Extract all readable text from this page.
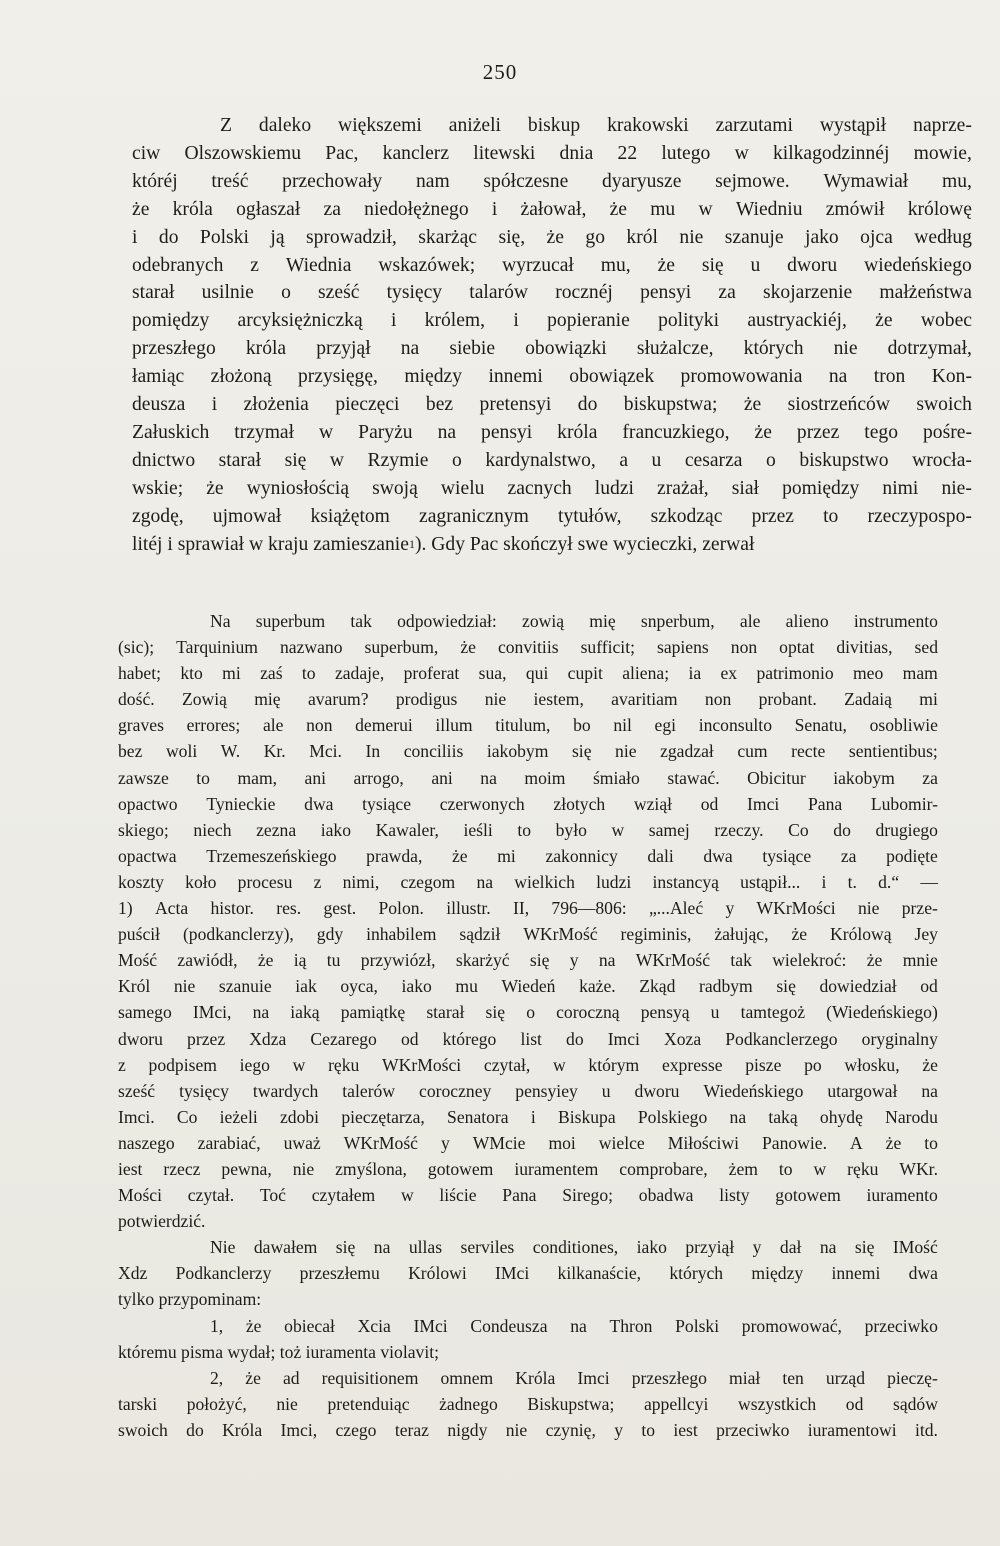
250
Z daleko większemi aniżeli biskup krakowski zarzutami wystąpił naprze-
ciw Olszowskiemu Pac, kanclerz litewski dnia 22 lutego w kilkagodzinnéj mowie,
któréj treść przechowały nam spółczesne dyaryusze sejmowe. Wymawiał mu,
że króla ogłaszał za niedołężnego i żałował, że mu w Wiedniu zmówił królowę
i do Polski ją sprowadził, skarżąc się, że go król nie szanuje jako ojca według
odebranych z Wiednia wskazówek; wyrzucał mu, że się u dworu wiedeńskiego
starał usilnie o sześć tysięcy talarów rocznéj pensyi za skojarzenie małżeństwa
pomiędzy arcyksiężniczką i królem, i popieranie polityki austryackiéj, że wobec
przeszłego króla przyjął na siebie obowiązki służalcze, których nie dotrzymał,
łamiąc złożoną przysięgę, między innemi obowiązek promowowania na tron Kon-
deusza i złożenia pieczęci bez pretensyi do biskupstwa; że siostrzeńców swoich
Załuskich trzymał w Paryżu na pensyi króla francuzkiego, że przez tego pośre-
dnictwo starał się w Rzymie o kardynalstwo, a u cesarza o biskupstwo wrocła-
wskie; że wyniosłością swoją wielu zacnych ludzi zrażał, siał pomiędzy nimi nie-
zgodę, ujmował książętom zagranicznym tytułów, szkodząc przez to rzeczypospo-
litéj i sprawiał w kraju zamieszanie 1 ). Gdy Pac skończył swe wycieczki, zerwał
Na superbum tak odpowiedział: zowią mię snperbum, ale alieno instrumento
(sic); Tarquinium nazwano superbum, że convitiis sufficit; sapiens non optat divitias, sed
habet; kto mi zaś to zadaje, proferat sua, qui cupit aliena; ia ex patrimonio meo mam
dość. Zowią mię avarum? prodigus nie iestem, avaritiam non probant. Zadaią mi
graves errores; ale non demerui illum titulum, bo nil egi inconsulto Senatu, osobliwie
bez woli W. Kr. Mci. In conciliis iakobym się nie zgadzał cum recte sentientibus;
zawsze to mam, ani arrogo, ani na moim śmiało stawać. Obicitur iakobym za
opactwo Tynieckie dwa tysiące czerwonych złotych wziął od Imci Pana Lubomir-
skiego; niech zezna iako Kawaler, ieśli to było w samej rzeczy. Co do drugiego
opactwa Trzemeszeńskiego prawda, że mi zakonnicy dali dwa tysiące za podięte
koszty koło procesu z nimi, czegom na wielkich ludzi instancyą ustąpił... i t. d.“ —
1) Acta histor. res. gest. Polon. illustr. II, 796—806: „...Aleć y WKrMości nie prze-
puścił (podkanclerzy), gdy inhabilem sądził WKrMość regiminis, żałując, że Królową Jey
Mość zawiódł, że ią tu przywiózł, skarżyć się y na WKrMość tak wielekroć: że mnie
Król nie szanuie iak oyca, iako mu Wiedeń każe. Zkąd radbym się dowiedział od
samego IMci, na iaką pamiątkę starał się o coroczną pensyą u tamtegoż (Wiedeńskiego)
dworu przez Xdza Cezarego od którego list do Imci Xoza Podkanclerzego oryginalny
z podpisem iego w ręku WKrMości czytał, w którym expresse pisze po włosku, że
sześć tysięcy twardych talerów coroczney pensyiey u dworu Wiedeńskiego utargował na
Imci. Co ieżeli zdobi pieczętarza, Senatora i Biskupa Polskiego na taką ohydę Narodu
naszego zarabiać, uważ WKrMość y WMcie moi wielce Miłościwi Panowie. A że to
iest rzecz pewna, nie zmyślona, gotowem iuramentem comprobare, żem to w ręku WKr.
Mości czytał. Toć czytałem w liście Pana Sirego; obadwa listy gotowem iuramento
potwierdzić.
Nie dawałem się na ullas serviles conditiones, iako przyiął y dał na się IMość
Xdz Podkanclerzy przeszłemu Królowi IMci kilkanaście, których między innemi dwa
tylko przypominam:
1, że obiecał Xcia IMci Condeusza na Thron Polski promowować, przeciwko
któremu pisma wydał; toż iuramenta violavit;
2, że ad requisitionem omnem Króla Imci przeszłego miał ten urząd pieczę-
tarski położyć, nie pretenduiąc żadnego Biskupstwa; appellcyi wszystkich od sądów
swoich do Króla Imci, czego teraz nigdy nie czynię, y to iest przeciwko iuramentowi itd.
